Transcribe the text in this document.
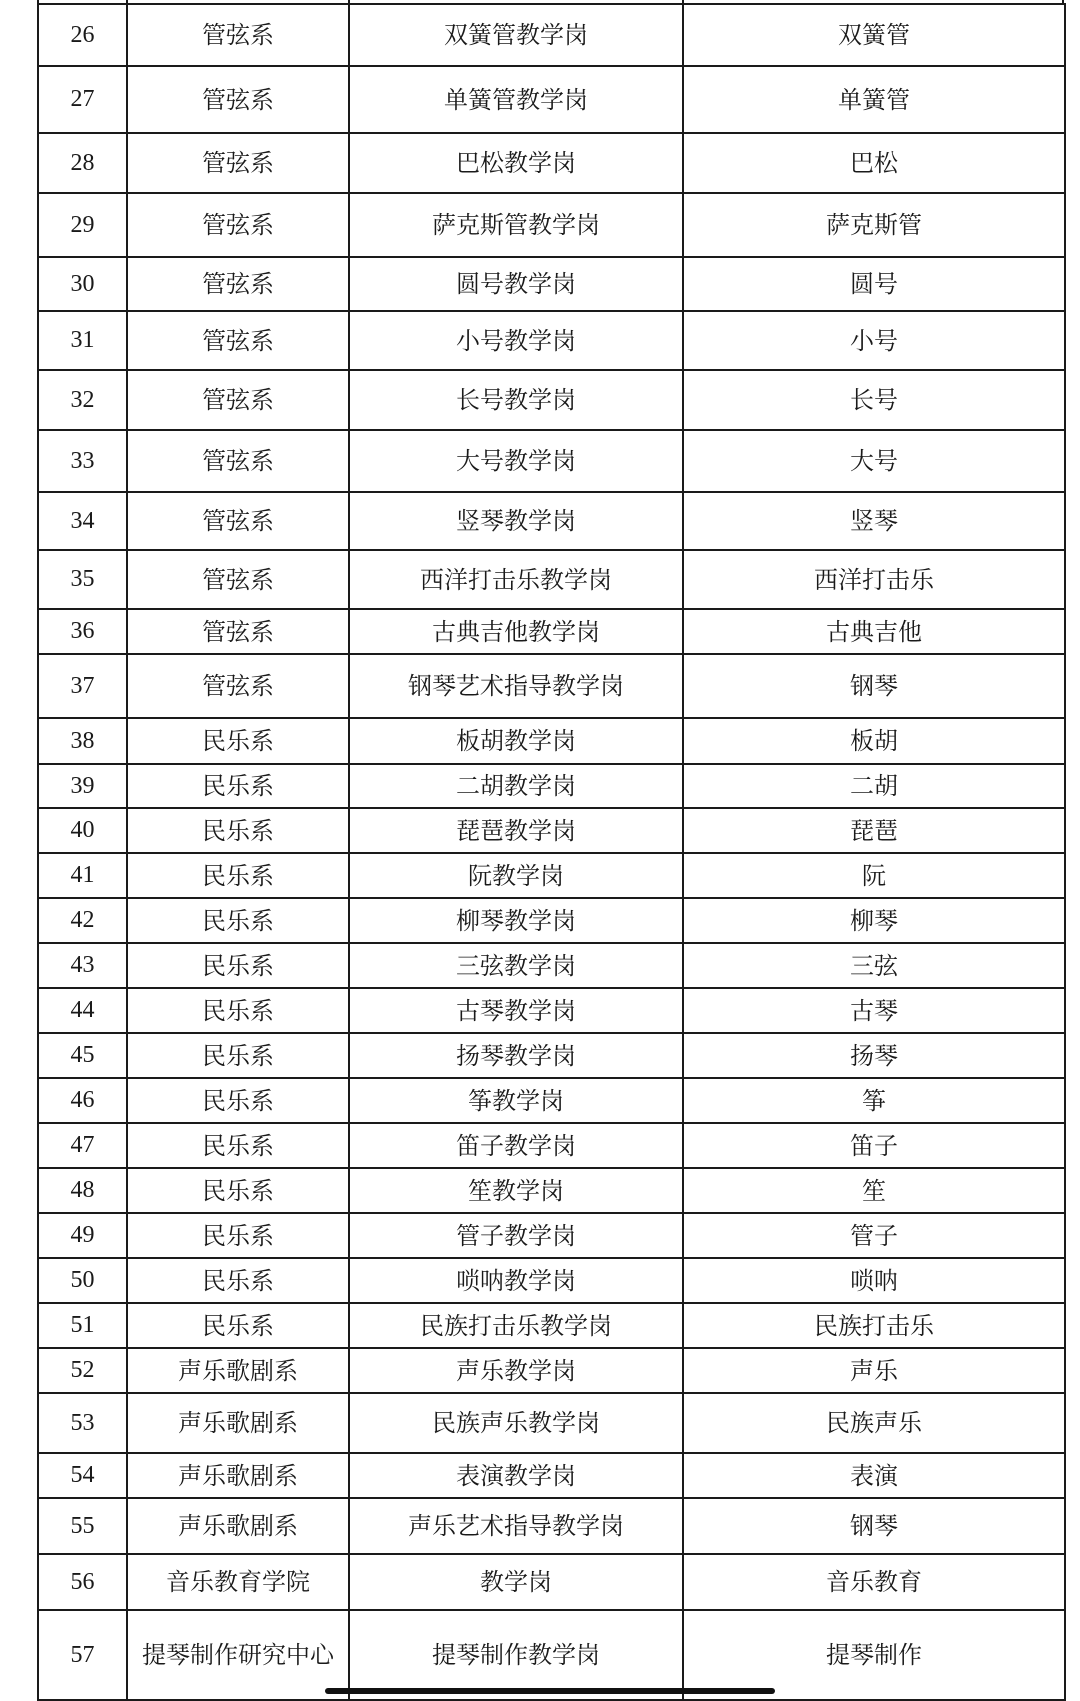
26	管弦系	双簧管教学岗	双簧管
27	管弦系	单簧管教学岗	单簧管
28	管弦系	巴松教学岗	巴松
29	管弦系	萨克斯管教学岗	萨克斯管
30	管弦系	圆号教学岗	圆号
31	管弦系	小号教学岗	小号
32	管弦系	长号教学岗	长号
33	管弦系	大号教学岗	大号
34	管弦系	竖琴教学岗	竖琴
35	管弦系	西洋打击乐教学岗	西洋打击乐
36	管弦系	古典吉他教学岗	古典吉他
37	管弦系	钢琴艺术指导教学岗	钢琴
38	民乐系	板胡教学岗	板胡
39	民乐系	二胡教学岗	二胡
40	民乐系	琵琶教学岗	琵琶
41	民乐系	阮教学岗	阮
42	民乐系	柳琴教学岗	柳琴
43	民乐系	三弦教学岗	三弦
44	民乐系	古琴教学岗	古琴
45	民乐系	扬琴教学岗	扬琴
46	民乐系	筝教学岗	筝
47	民乐系	笛子教学岗	笛子
48	民乐系	笙教学岗	笙
49	民乐系	管子教学岗	管子
50	民乐系	唢呐教学岗	唢呐
51	民乐系	民族打击乐教学岗	民族打击乐
52	声乐歌剧系	声乐教学岗	声乐
53	声乐歌剧系	民族声乐教学岗	民族声乐
54	声乐歌剧系	表演教学岗	表演
55	声乐歌剧系	声乐艺术指导教学岗	钢琴
56	音乐教育学院	教学岗	音乐教育
57	提琴制作研究中心	提琴制作教学岗	提琴制作
